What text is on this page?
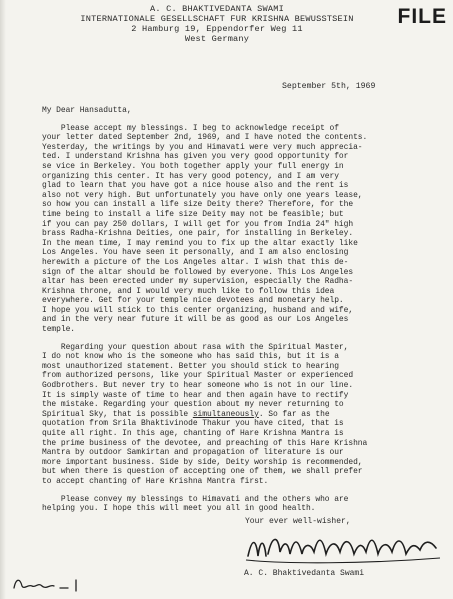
A. C. BHAKTIVEDANTA SWAMI
INTERNATIONALE GESELLSCHAFT FUR KRISHNA BEWUSSTSEIN
2 Hamburg 19, Eppendorfer Weg 11
West Germany
FILE
September 5th, 1969
My Dear Hansadutta,
Please accept my blessings. I beg to acknowledge receipt of
your letter dated September 2nd, 1969, and I have noted the contents.
Yesterday, the writings by you and Himavati were very much apprecia-
ted. I understand Krishna has given you very good opportunity for
se vice in Berkeley. You both together apply your full energy in
organizing this center. It has very good potency, and I am very
glad to learn that you have got a nice house also and the rent is
also not very high. But unfortunately you have only one years lease,
so how you can install a life size Deity there? Therefore, for the
time being to install a life size Deity may not be feasible; but
if you can pay 250 dollars, I will get for you from India 24" high
brass Radha-Krishna Deities, one pair, for installing in Berkeley.
In the mean time, I may remind you to fix up the altar exactly like
Los Angeles. You have seen it personally, and I am also enclosing
herewith a picture of the Los Angeles altar. I wish that this de-
sign of the altar should be followed by everyone. This Los Angeles
altar has been erected under my supervision, especially the Radha-
Krishna throne, and I would very much like to follow this idea
everywhere. Get for your temple nice devotees and monetary help.
I hope you will stick to this center organizing, husband and wife,
and in the very near future it will be as good as our Los Angeles
temple.
Regarding your question about rasa with the Spiritual Master,
I do not know who is the someone who has said this, but it is a
most unauthorized statement. Better you should stick to hearing
from authorized persons, like your Spiritual Master or experienced
Godbrothers. But never try to hear someone who is not in our line.
It is simply waste of time to hear and then again have to rectify
the mistake. Regarding your question about my never returning to
Spiritual Sky, that is possible simultaneously. So far as the
quotation from Srila Bhaktivinode Thakur you have cited, that is
quite all right. In this age, chanting of Hare Krishna Mantra is
the prime business of the devotee, and preaching of this Hare Krishna
Mantra by outdoor Samkirtan and propagation of literature is our
more important business. Side by side, Deity worship is recommended,
but when there is question of accepting one of them, we shall prefer
to accept chanting of Hare Krishna Mantra first.
Please convey my blessings to Himavati and the others who are
helping you. I hope this will meet you all in good health.
Your ever well-wisher,
A. C. Bhaktivedanta Swami
